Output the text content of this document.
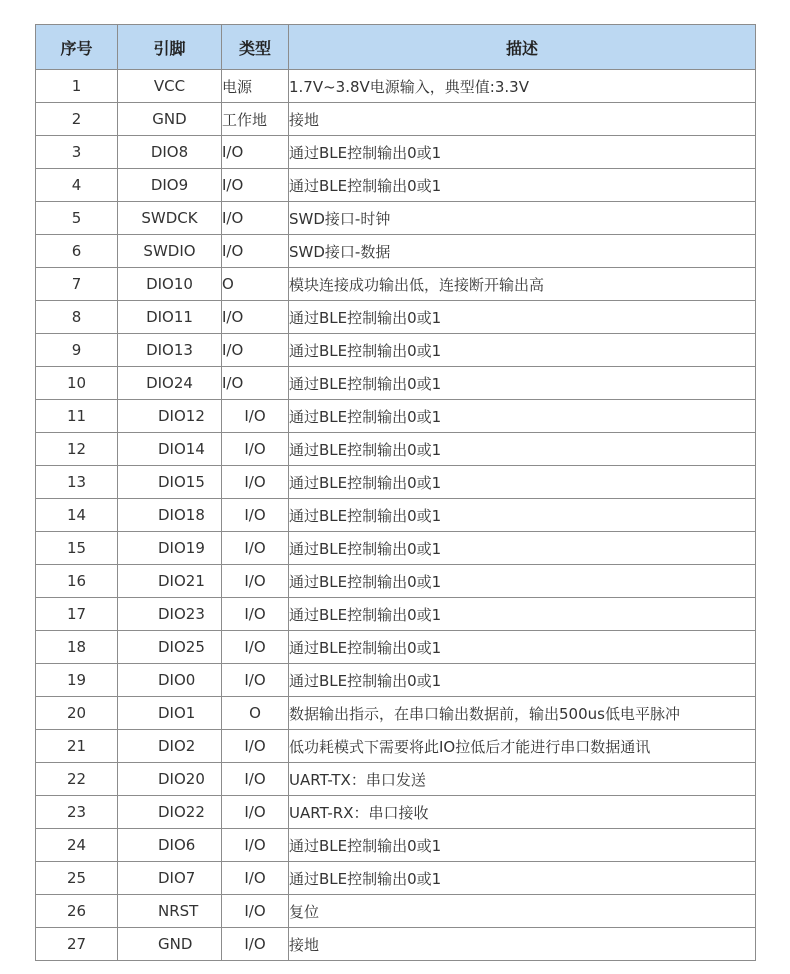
序号	引脚	类型	描述
1	VCC	电源	1.7V~3.8V电源输入，典型值:3.3V
2	GND	工作地	接地
3	DIO8	I/O	通过BLE控制输出0或1
4	DIO9	I/O	通过BLE控制输出0或1
5	SWDCK	I/O	SWD接口-时钟
6	SWDIO	I/O	SWD接口-数据
7	DIO10	O	模块连接成功输出低，连接断开输出高
8	DIO11	I/O	通过BLE控制输出0或1
9	DIO13	I/O	通过BLE控制输出0或1
10	DIO24	I/O	通过BLE控制输出0或1
11	DIO12	I/O	通过BLE控制输出0或1
12	DIO14	I/O	通过BLE控制输出0或1
13	DIO15	I/O	通过BLE控制输出0或1
14	DIO18	I/O	通过BLE控制输出0或1
15	DIO19	I/O	通过BLE控制输出0或1
16	DIO21	I/O	通过BLE控制输出0或1
17	DIO23	I/O	通过BLE控制输出0或1
18	DIO25	I/O	通过BLE控制输出0或1
19	DIO0	I/O	通过BLE控制输出0或1
20	DIO1	O	数据输出指示，在串口输出数据前，输出500us低电平脉冲
21	DIO2	I/O	低功耗模式下需要将此IO拉低后才能进行串口数据通讯
22	DIO20	I/O	UART-TX：串口发送
23	DIO22	I/O	UART-RX：串口接收
24	DIO6	I/O	通过BLE控制输出0或1
25	DIO7	I/O	通过BLE控制输出0或1
26	NRST	I/O	复位
27	GND	I/O	接地
